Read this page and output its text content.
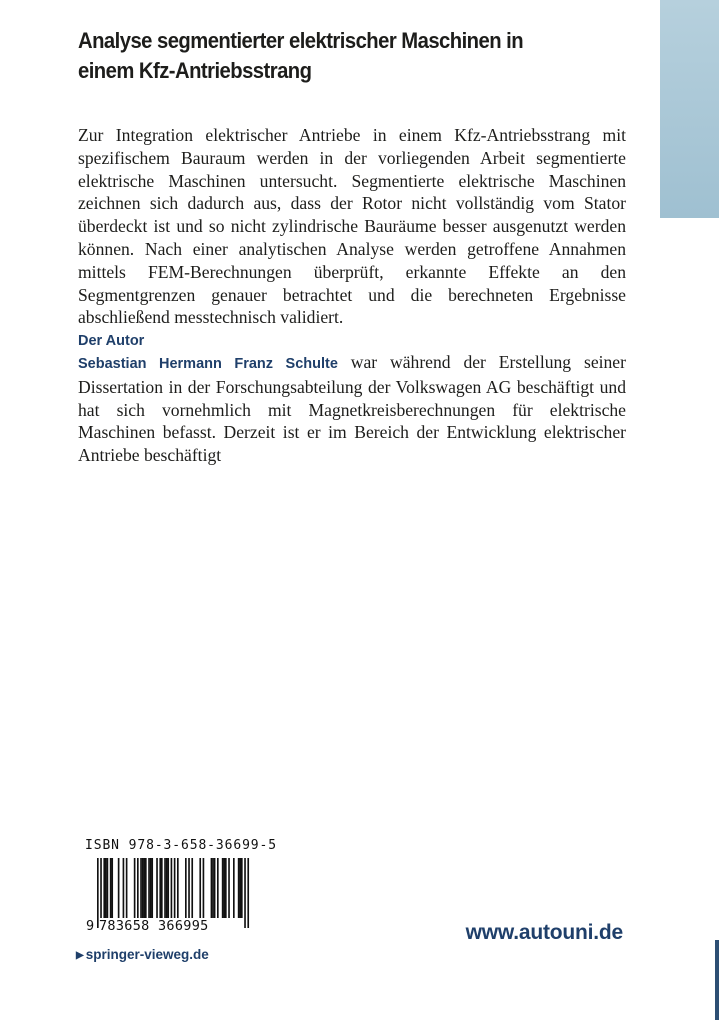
Analyse segmentierter elektrischer Maschinen in einem Kfz-Antriebsstrang

Zur Integration elektrischer Antriebe in einem Kfz-Antriebsstrang mit spezifischem Bauraum werden in der vorliegenden Arbeit segmentierte elektrische Maschinen untersucht. Segmentierte elektrische Maschinen zeichnen sich dadurch aus, dass der Rotor nicht vollständig vom Stator überdeckt ist und so nicht zylindrische Bauräume besser ausgenutzt werden können. Nach einer analytischen Analyse werden getroffene Annahmen mittels FEM-Berechnungen überprüft, erkannte Effekte an den Segmentgrenzen genauer betrachtet und die berechneten Ergebnisse abschließend messtechnisch validiert.

Der Autor

Sebastian Hermann Franz Schulte war während der Erstellung seiner Dissertation in der Forschungsabteilung der Volkswagen AG beschäftigt und hat sich vornehmlich mit Magnetkreisberechnungen für elektrische Maschinen befasst. Derzeit ist er im Bereich der Entwicklung elektrischer Antriebe beschäftigt

ISBN 978-3-658-36699-5
9 783658 366995
▶ springer-vieweg.de
www.autouni.de
